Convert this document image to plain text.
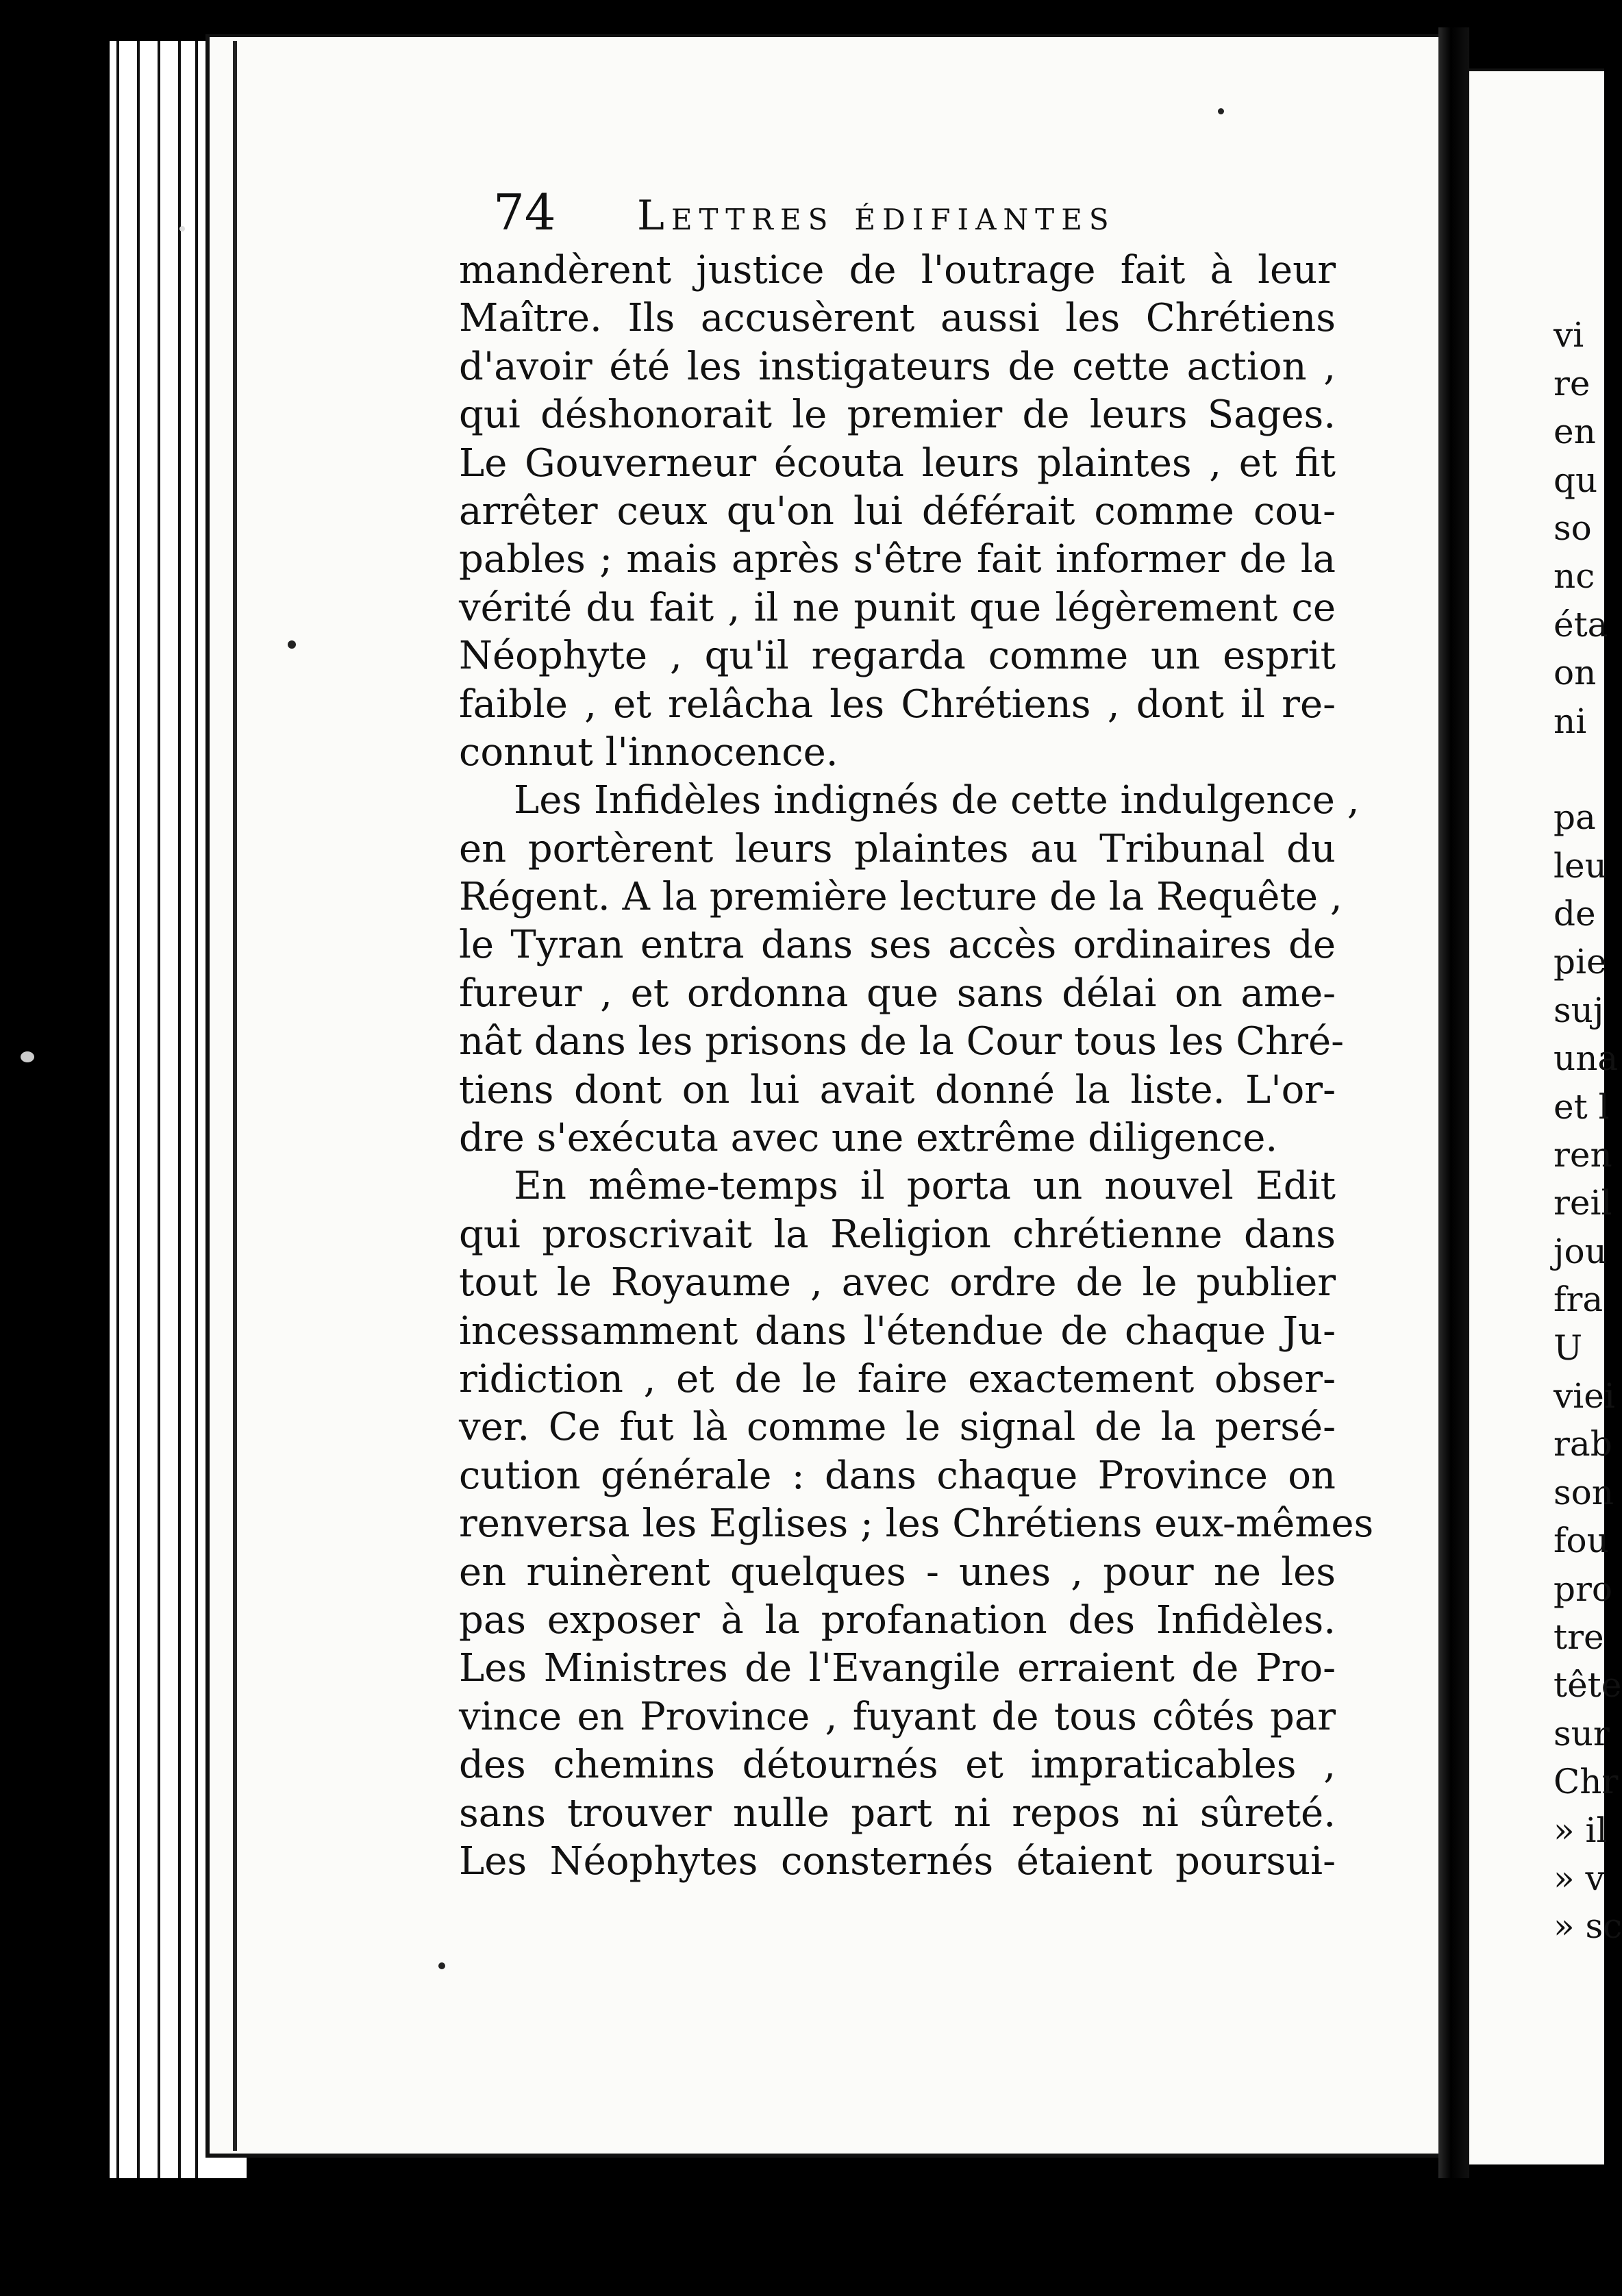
74	Lettres édifiantes
mandèrent justice de l'outrage fait à leur
Maître. Ils accusèrent aussi les Chrétiens
d'avoir été les instigateurs de cette action ,
qui déshonorait le premier de leurs Sages.
Le Gouverneur écouta leurs plaintes , et fit
arrêter ceux qu'on lui déférait comme cou-
pables ; mais après s'être fait informer de la
vérité du fait , il ne punit que légèrement ce
Néophyte , qu'il regarda comme un esprit
faible , et relâcha les Chrétiens , dont il re-
connut l'innocence.
Les Infidèles indignés de cette indulgence ,
en portèrent leurs plaintes au Tribunal du
Régent. A la première lecture de la Requête ,
le Tyran entra dans ses accès ordinaires de
fureur , et ordonna que sans délai on ame-
nât dans les prisons de la Cour tous les Chré-
tiens dont on lui avait donné la liste. L'or-
dre s'exécuta avec une extrême diligence.
En même-temps il porta un nouvel Edit
qui proscrivait la Religion chrétienne dans
tout le Royaume , avec ordre de le publier
incessamment dans l'étendue de chaque Ju-
ridiction , et de le faire exactement obser-
ver. Ce fut là comme le signal de la persé-
cution générale : dans chaque Province on
renversa les Eglises ; les Chrétiens eux-mêmes
en ruinèrent quelques - unes , pour ne les
pas exposer à la profanation des Infidèles.
Les Ministres de l'Evangile erraient de Pro-
vince en Province , fuyant de tous côtés par
des chemins détournés et impraticables ,
sans trouver nulle part ni repos ni sûreté.
Les Néophytes consternés étaient poursui-
vi
re
en
qu
so
nc
éta
on
ni
pa
leu
de
pie
suj
una
et l
ren
reil
jou
fra
U
viei
rab
son
fou
pro
tre
tête
sur
Chr
» il
» v
» sc
